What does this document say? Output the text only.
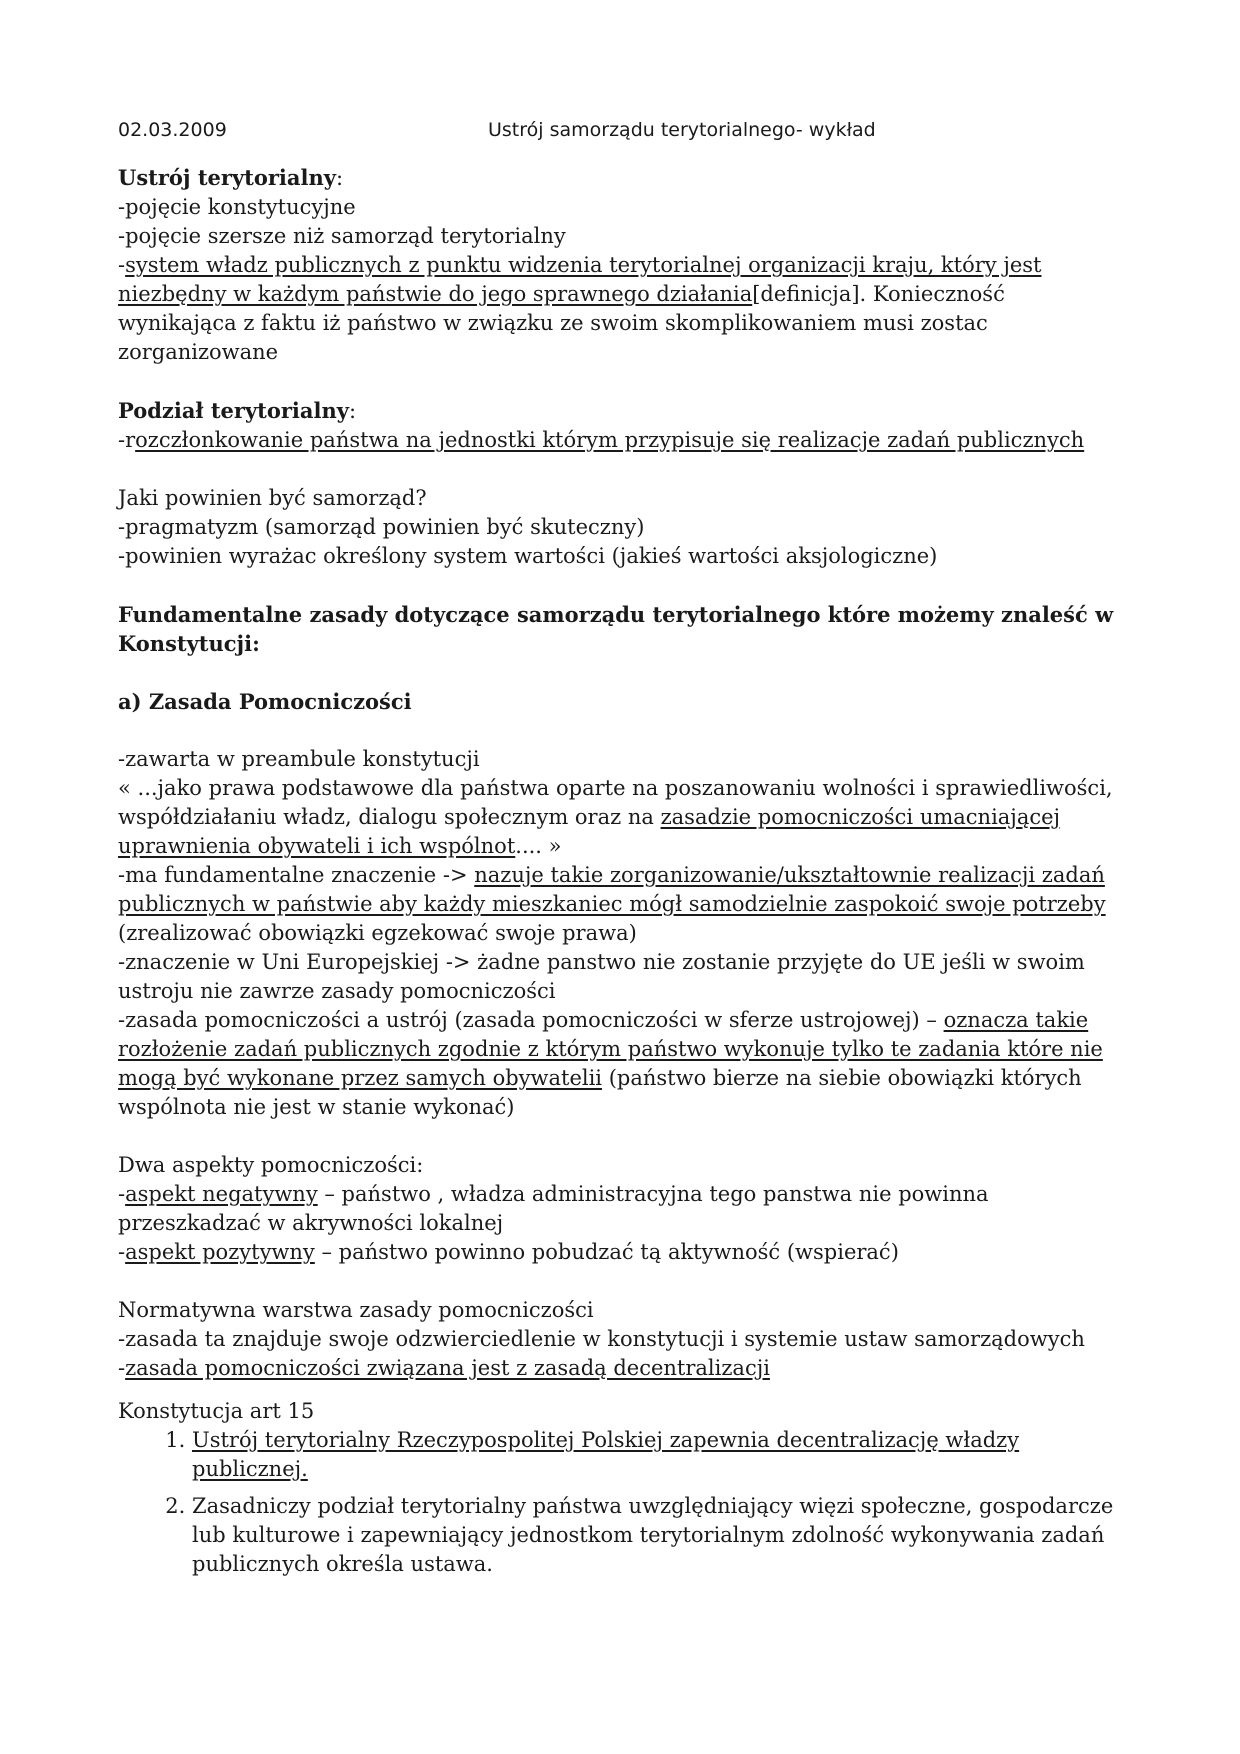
02.03.2009	Ustrój samorządu terytorialnego- wykład

Ustrój terytorialny:

-pojęcie konstytucyjne

-pojęcie szersze niż samorząd terytorialny

-system władz publicznych z punktu widzenia terytorialnej organizacji kraju, który jest niezbędny w każdym państwie do jego sprawnego działania[definicja]. Konieczność wynikająca z faktu iż państwo w związku ze swoim skomplikowaniem musi zostac zorganizowane

Podział terytorialny:

-rozczłonkowanie państwa na jednostki którym przypisuje się realizacje zadań publicznych

Jaki powinien być samorząd?

-pragmatyzm (samorząd powinien być skuteczny)

-powinien wyrażac określony system wartości (jakieś wartości aksjologiczne)

Fundamentalne zasady dotyczące samorządu terytorialnego które możemy znaleść w Konstytucji:

a) Zasada Pomocniczości

-zawarta w preambule konstytucji

« ...jako prawa podstawowe dla państwa oparte na poszanowaniu wolności i sprawiedliwości, współdziałaniu władz, dialogu społecznym oraz na zasadzie pomocniczości umacniającej uprawnienia obywateli i ich wspólnot.... »

-ma fundamentalne znaczenie -> nazuje takie zorganizowanie/ukształtownie realizacji zadań publicznych w państwie aby każdy mieszkaniec mógł samodzielnie zaspokoić swoje potrzeby (zrealizować obowiązki egzekować swoje prawa)

-znaczenie w Uni Europejskiej -> żadne panstwo nie zostanie przyjęte do UE jeśli w swoim ustroju nie zawrze zasady pomocniczości

-zasada pomocniczości a ustrój (zasada pomocniczości w sferze ustrojowej) – oznacza takie rozłożenie zadań publicznych zgodnie z którym państwo wykonuje tylko te zadania które nie mogą być wykonane przez samych obywatelii (państwo bierze na siebie obowiązki których wspólnota nie jest w stanie wykonać)

Dwa aspekty pomocniczości:

-aspekt negatywny – państwo , władza administracyjna tego panstwa nie powinna przeszkadzać w akrywności lokalnej

-aspekt pozytywny – państwo powinno pobudzać tą aktywność (wspierać)

Normatywna warstwa zasady pomocniczości

-zasada ta znajduje swoje odzwierciedlenie w konstytucji i systemie ustaw samorządowych

-zasada pomocniczości związana jest z zasadą decentralizacji

Konstytucja art 15

1. Ustrój terytorialny Rzeczypospolitej Polskiej zapewnia decentralizację władzy publicznej.
2. Zasadniczy podział terytorialny państwa uwzględniający więzi społeczne, gospodarcze lub kulturowe i zapewniający jednostkom terytorialnym zdolność wykonywania zadań publicznych określa ustawa.
